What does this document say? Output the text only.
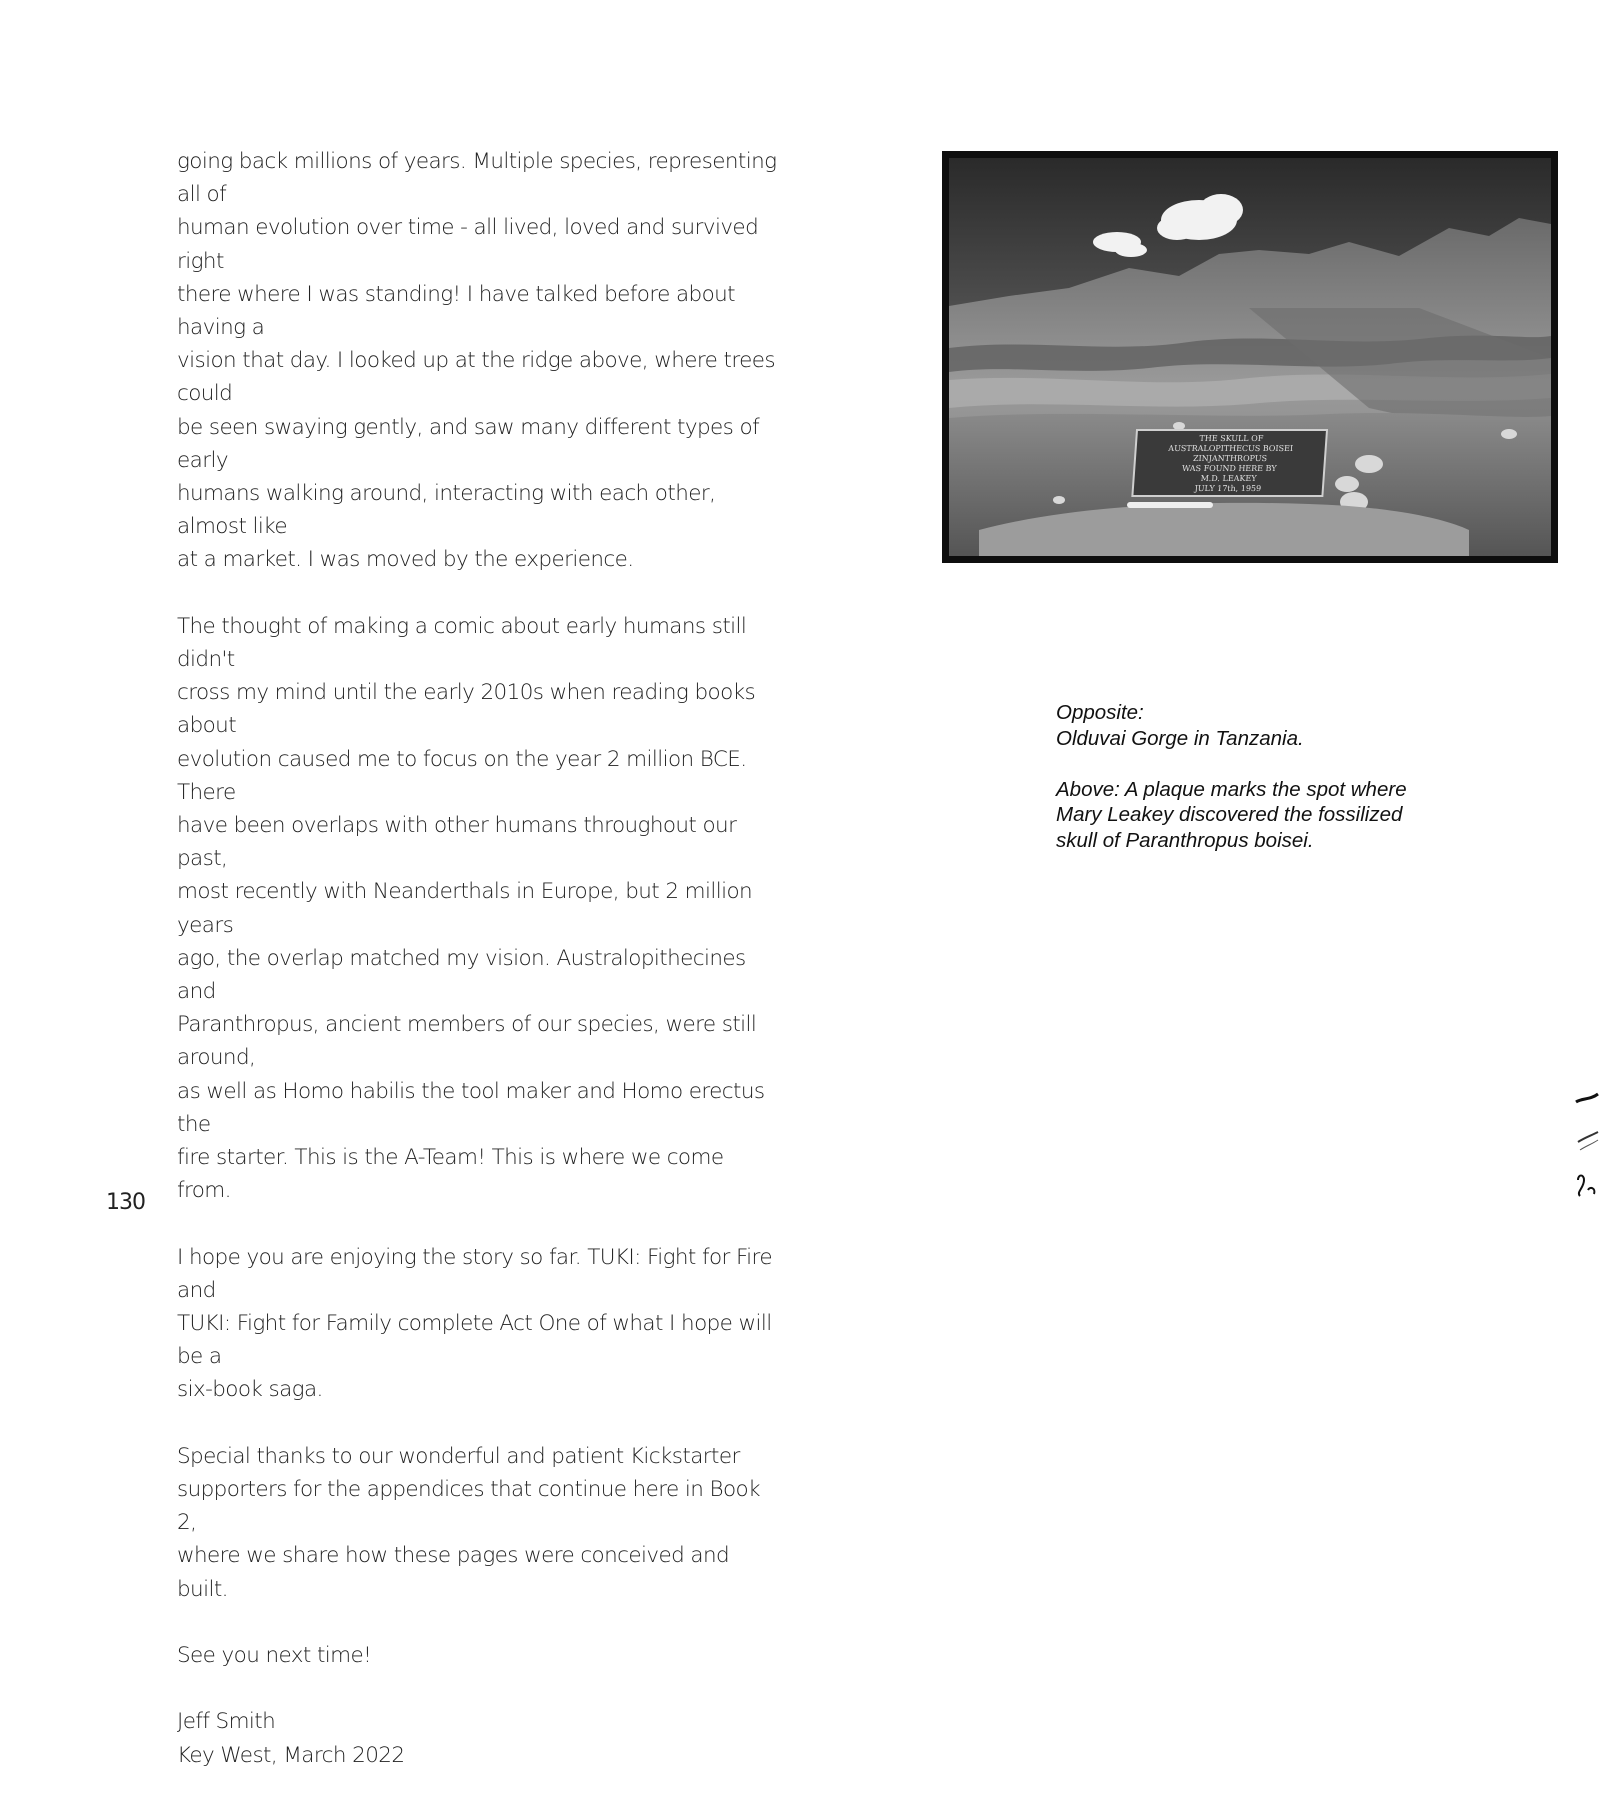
going back millions of years. Multiple species, representing all of
human evolution over time - all lived, loved and survived right
there where I was standing! I have talked before about having a
vision that day. I looked up at the ridge above, where trees could
be seen swaying gently, and saw many different types of early
humans walking around, interacting with each other, almost like
at a market. I was moved by the experience.

The thought of making a comic about early humans still didn't
cross my mind until the early 2010s when reading books about
evolution caused me to focus on the year 2 million BCE. There
have been overlaps with other humans throughout our past,
most recently with Neanderthals in Europe, but 2 million years
ago, the overlap matched my vision. Australopithecines and
Paranthropus, ancient members of our species, were still around,
as well as Homo habilis the tool maker and Homo erectus the
fire starter. This is the A-Team! This is where we come from.

I hope you are enjoying the story so far. TUKI: Fight for Fire and
TUKI: Fight for Family complete Act One of what I hope will be a
six-book saga.

Special thanks to our wonderful and patient Kickstarter
supporters for the appendices that continue here in Book 2,
where we share how these pages were conceived and built.

See you next time!

Jeff Smith
Key West, March 2022

130
THE SKULL OF
AUSTRALOPITHECUS BOISEI
ZINJANTHROPUS
WAS FOUND HERE BY
M.D. LEAKEY
JULY 17th, 1959

Opposite:
Olduvai Gorge in Tanzania.

Above: A plaque marks the spot where
Mary Leakey discovered the fossilized
skull of Paranthropus boisei.
